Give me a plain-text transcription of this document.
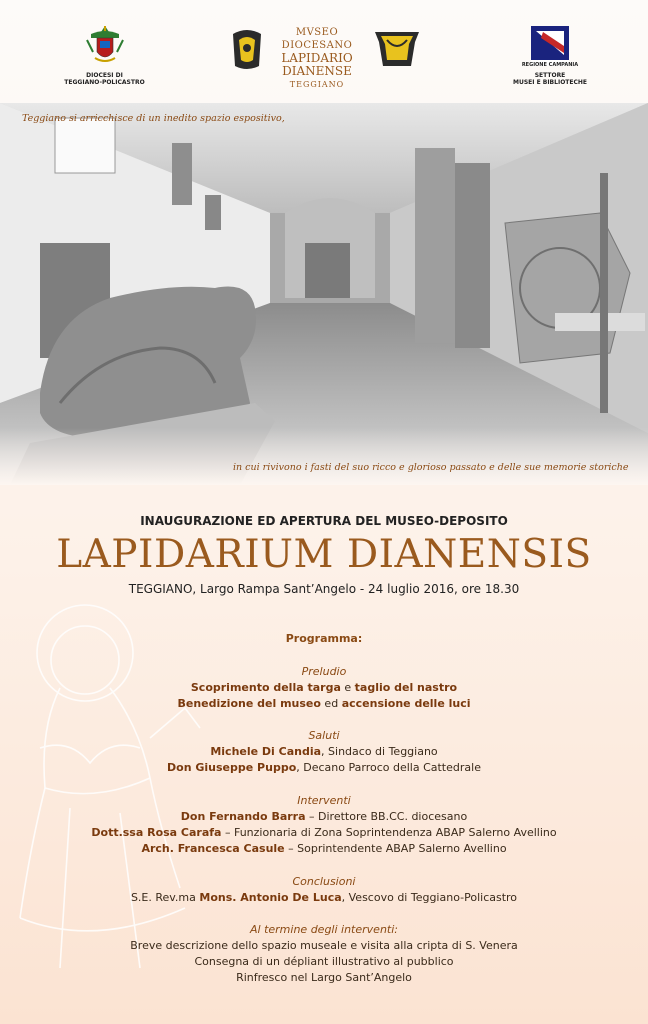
DIOCESI DI
TEGGIANO-POLICASTRO
MVSEO DIOCESANO
LAPIDARIO
DIANENSE
TEGGIANO
REGIONE CAMPANIA
SETTORE
MUSEI E BIBLIOTECHE
Teggiano si arricchisce di un inedito spazio espositivo,
in cui rivivono i fasti del suo ricco e glorioso passato e delle sue memorie storiche
INAUGURAZIONE ED APERTURA DEL MUSEO-DEPOSITO
LAPIDARIUM DIANENSIS
TEGGIANO, Largo Rampa Sant’Angelo - 24 luglio 2016, ore 18.30
Programma:
Preludio
Scoprimento della targa e taglio del nastro
Benedizione del museo ed accensione delle luci
Saluti
Michele Di Candia, Sindaco di Teggiano
Don Giuseppe Puppo, Decano Parroco della Cattedrale
Interventi
Don Fernando Barra – Direttore BB.CC. diocesano
Dott.ssa Rosa Carafa – Funzionaria di Zona Soprintendenza ABAP Salerno Avellino
Arch. Francesca Casule – Soprintendente ABAP Salerno Avellino
Conclusioni
S.E. Rev.ma Mons. Antonio De Luca, Vescovo di Teggiano-Policastro
Al termine degli interventi:
Breve descrizione dello spazio museale e visita alla cripta di S. Venera
Consegna di un dépliant illustrativo al pubblico
Rinfresco nel Largo Sant’Angelo
